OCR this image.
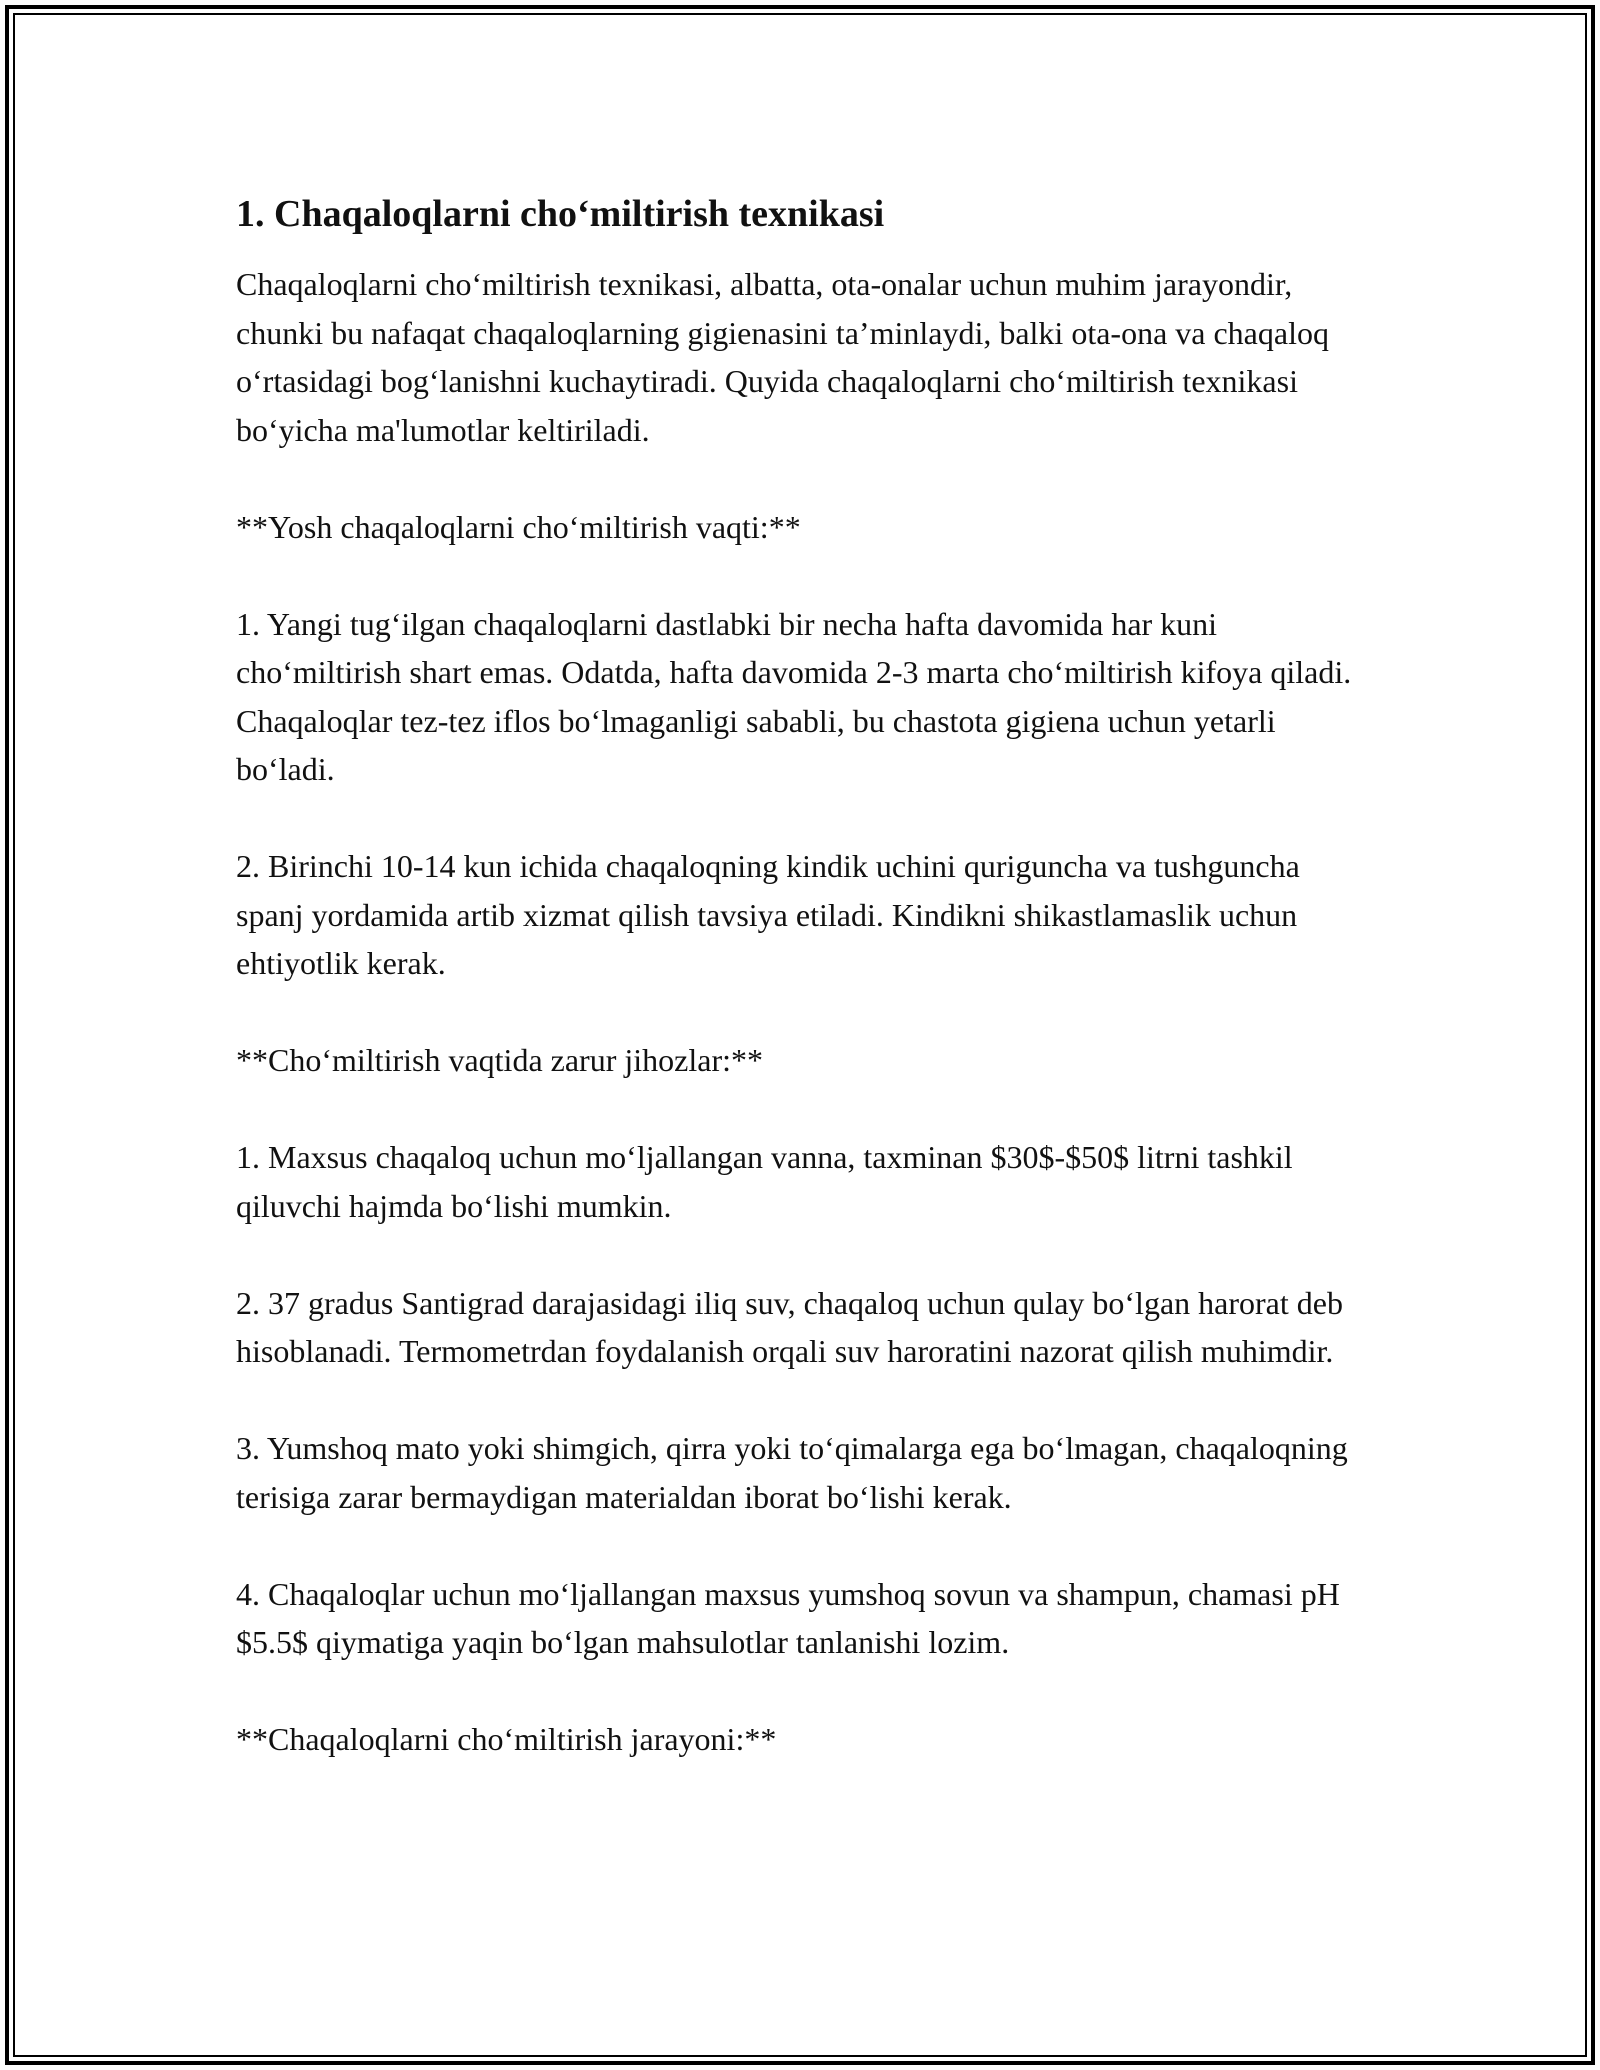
1. Chaqaloqlarni cho‘miltirish texnikasi

Chaqaloqlarni cho‘miltirish texnikasi, albatta, ota-onalar uchun muhim jarayondir, chunki bu nafaqat chaqaloqlarning gigienasini ta’minlaydi, balki ota-ona va chaqaloq o‘rtasidagi bog‘lanishni kuchaytiradi. Quyida chaqaloqlarni cho‘miltirish texnikasi bo‘yicha ma'lumotlar keltiriladi.

**Yosh chaqaloqlarni cho‘miltirish vaqti:**

1. Yangi tug‘ilgan chaqaloqlarni dastlabki bir necha hafta davomida har kuni cho‘miltirish shart emas. Odatda, hafta davomida 2-3 marta cho‘miltirish kifoya qiladi. Chaqaloqlar tez-tez iflos bo‘lmaganligi sababli, bu chastota gigiena uchun yetarli bo‘ladi.

2. Birinchi 10-14 kun ichida chaqaloqning kindik uchini quriguncha va tushguncha spanj yordamida artib xizmat qilish tavsiya etiladi. Kindikni shikastlamaslik uchun ehtiyotlik kerak.

**Cho‘miltirish vaqtida zarur jihozlar:**

1. Maxsus chaqaloq uchun mo‘ljallangan vanna, taxminan $30$-$50$ litrni tashkil qiluvchi hajmda bo‘lishi mumkin.

2. 37 gradus Santigrad darajasidagi iliq suv, chaqaloq uchun qulay bo‘lgan harorat deb hisoblanadi. Termometrdan foydalanish orqali suv haroratini nazorat qilish muhimdir.

3. Yumshoq mato yoki shimgich, qirra yoki to‘qimalarga ega bo‘lmagan, chaqaloqning terisiga zarar bermaydigan materialdan iborat bo‘lishi kerak.

4. Chaqaloqlar uchun mo‘ljallangan maxsus yumshoq sovun va shampun, chamasi pH $5.5$ qiymatiga yaqin bo‘lgan mahsulotlar tanlanishi lozim.

**Chaqaloqlarni cho‘miltirish jarayoni:**
